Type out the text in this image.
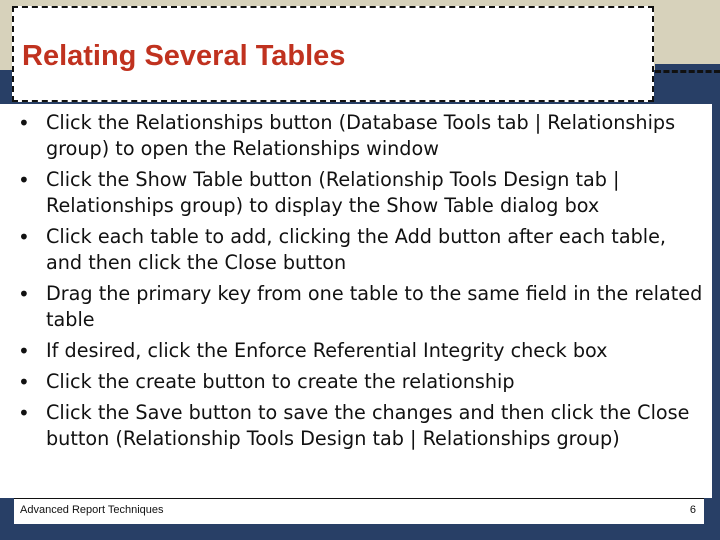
Relating Several Tables
• Click the Relationships button (Database Tools tab | Relationships group) to open the Relationships window
• Click the Show Table button (Relationship Tools Design tab | Relationships group) to display the Show Table dialog box
• Click each table to add, clicking the Add button after each table, and then click the Close button
• Drag the primary key from one table to the same field in the related table
• If desired, click the Enforce Referential Integrity check box
• Click the create button to create the relationship
• Click the Save button to save the changes and then click the Close button (Relationship Tools Design tab | Relationships group)
Advanced Report Techniques	6
